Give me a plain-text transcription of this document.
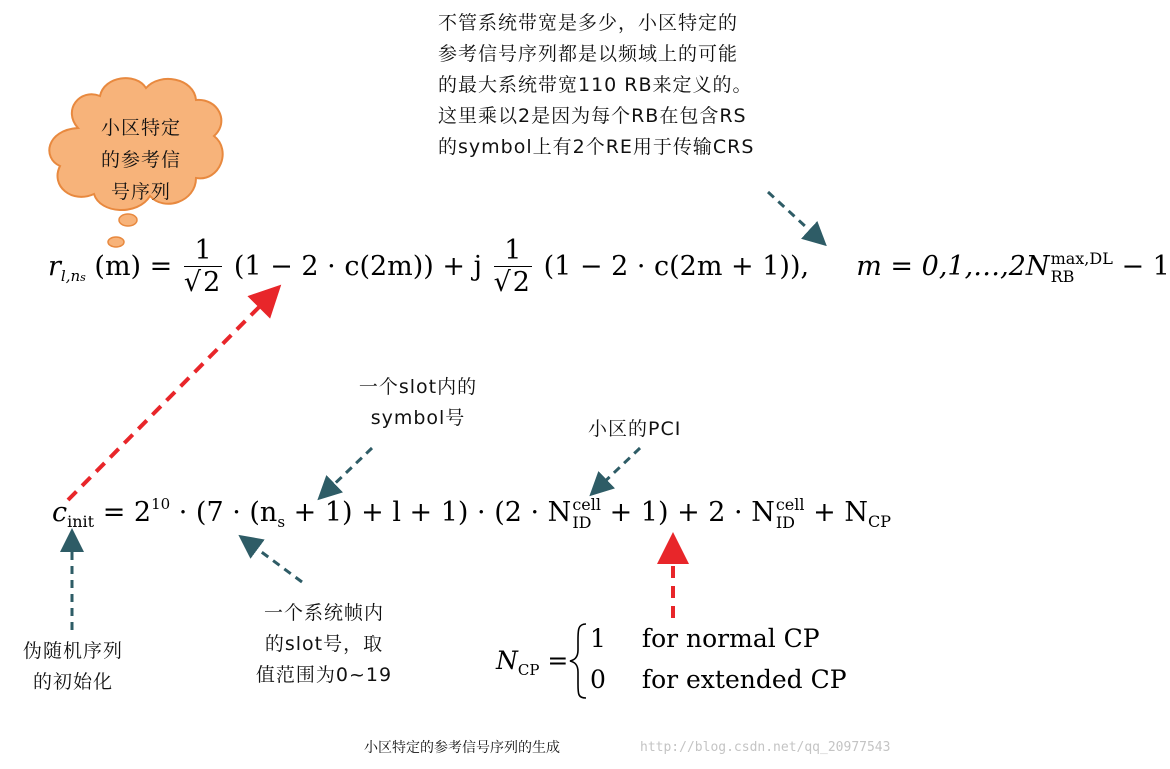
不管系统带宽是多少，小区特定的
参考信号序列都是以频域上的可能
的最大系统带宽110 RB来定义的。
这里乘以2是因为每个RB在包含RS
的symbol上有2个RE用于传输CRS
小区特定
的参考信
号序列
$r_{l,ns}$ $(m) = \frac{1}{√2} (1 - 2 \cdot c(2m)) + j \frac{1}{√2} (1 - 2 \cdot c(2m + 1))$, m = 0,1,…,2N max,DL
RB	− 1
一个slot内的
symbol号	小区的PCI
$c_{init} = 2^{10} \cdot (7 \cdot (n_s + 1) + l + 1) \cdot (2 \cdot N$ cell
ID + 1) + 2 · N cell
ID + $N_{CP}$
一个系统帧内
的slot号，取
值范围为0~19
伪随机序列
的初始化
$N_{CP}$ =
1 for normal CP
0 for extended CP
小区特定的参考信号序列的生成	http://blog.csdn.net/qq_20977543
